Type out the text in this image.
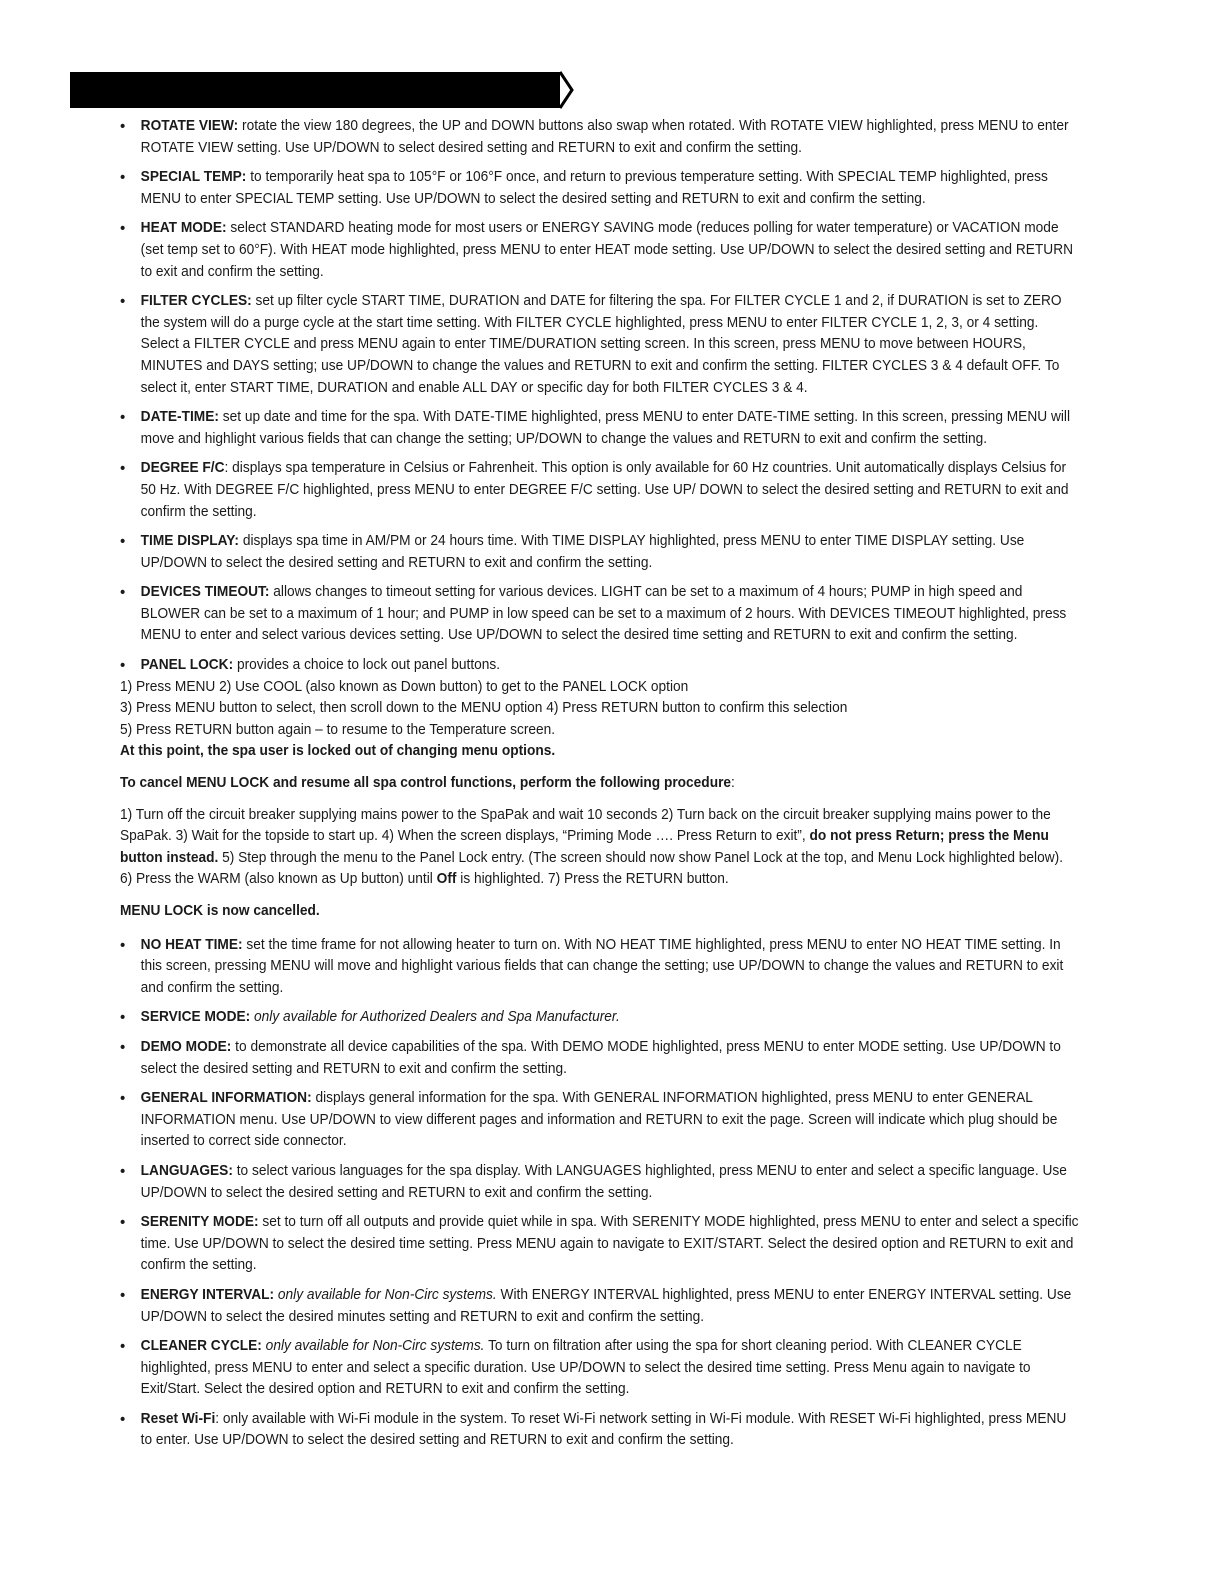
• ROTATE VIEW: rotate the view 180 degrees, the UP and DOWN buttons also swap when rotated. With ROTATE VIEW highlighted, press MENU to enter ROTATE VIEW setting. Use UP/DOWN to select desired setting and RETURN to exit and confirm the setting.
• SPECIAL TEMP: to temporarily heat spa to 105°F or 106°F once, and return to previous temperature setting. With SPECIAL TEMP highlighted, press MENU to enter SPECIAL TEMP setting. Use UP/DOWN to select the desired setting and RETURN to exit and confirm the setting.
• HEAT MODE: select STANDARD heating mode for most users or ENERGY SAVING mode (reduces polling for water temperature) or VACATION mode (set temp set to 60°F). With HEAT mode highlighted, press MENU to enter HEAT mode setting. Use UP/DOWN to select the desired setting and RETURN to exit and confirm the setting.
• FILTER CYCLES: set up filter cycle START TIME, DURATION and DATE for filtering the spa. For FILTER CYCLE 1 and 2, if DURATION is set to ZERO the system will do a purge cycle at the start time setting. With FILTER CYCLE highlighted, press MENU to enter FILTER CYCLE 1, 2, 3, or 4 setting. Select a FILTER CYCLE and press MENU again to enter TIME/DURATION setting screen. In this screen, press MENU to move between HOURS, MINUTES and DAYS setting; use UP/DOWN to change the values and RETURN to exit and confirm the setting. FILTER CYCLES 3 & 4 default OFF. To select it, enter START TIME, DURATION and enable ALL DAY or specific day for both FILTER CYCLES 3 & 4.
• DATE-TIME: set up date and time for the spa. With DATE-TIME highlighted, press MENU to enter DATE-TIME setting. In this screen, pressing MENU will move and highlight various fields that can change the setting; UP/DOWN to change the values and RETURN to exit and confirm the setting.
• DEGREE F/C: displays spa temperature in Celsius or Fahrenheit. This option is only available for 60 Hz countries. Unit automatically displays Celsius for 50 Hz. With DEGREE F/C highlighted, press MENU to enter DEGREE F/C setting. Use UP/ DOWN to select the desired setting and RETURN to exit and confirm the setting.
• TIME DISPLAY: displays spa time in AM/PM or 24 hours time. With TIME DISPLAY highlighted, press MENU to enter TIME DISPLAY setting. Use UP/DOWN to select the desired setting and RETURN to exit and confirm the setting.
• DEVICES TIMEOUT: allows changes to timeout setting for various devices. LIGHT can be set to a maximum of 4 hours; PUMP in high speed and BLOWER can be set to a maximum of 1 hour; and PUMP in low speed can be set to a maximum of 2 hours. With DEVICES TIMEOUT highlighted, press MENU to enter and select various devices setting. Use UP/DOWN to select the desired time setting and RETURN to exit and confirm the setting.
• PANEL LOCK: provides a choice to lock out panel buttons.
1) Press MENU 2) Use COOL (also known as Down button) to get to the PANEL LOCK option
3) Press MENU button to select, then scroll down to the MENU option 4) Press RETURN button to confirm this selection
5) Press RETURN button again – to resume to the Temperature screen.
At this point, the spa user is locked out of changing menu options.
To cancel MENU LOCK and resume all spa control functions, perform the following procedure:
1) Turn off the circuit breaker supplying mains power to the SpaPak and wait 10 seconds 2) Turn back on the circuit breaker supplying mains power to the SpaPak. 3) Wait for the topside to start up. 4) When the screen displays, “Priming Mode …. Press Return to exit”, do not press Return; press the Menu button instead. 5) Step through the menu to the Panel Lock entry. (The screen should now show Panel Lock at the top, and Menu Lock highlighted below). 6) Press the WARM (also known as Up button) until Off is highlighted. 7) Press the RETURN button.
MENU LOCK is now cancelled.
• NO HEAT TIME: set the time frame for not allowing heater to turn on. With NO HEAT TIME highlighted, press MENU to enter NO HEAT TIME setting. In this screen, pressing MENU will move and highlight various fields that can change the setting; use UP/DOWN to change the values and RETURN to exit and confirm the setting.
• SERVICE MODE: only available for Authorized Dealers and Spa Manufacturer.
• DEMO MODE: to demonstrate all device capabilities of the spa. With DEMO MODE highlighted, press MENU to enter MODE setting. Use UP/DOWN to select the desired setting and RETURN to exit and confirm the setting.
• GENERAL INFORMATION: displays general information for the spa. With GENERAL INFORMATION highlighted, press MENU to enter GENERAL INFORMATION menu. Use UP/DOWN to view different pages and information and RETURN to exit the page. Screen will indicate which plug should be inserted to correct side connector.
• LANGUAGES: to select various languages for the spa display. With LANGUAGES highlighted, press MENU to enter and select a specific language. Use UP/DOWN to select the desired setting and RETURN to exit and confirm the setting.
• SERENITY MODE: set to turn off all outputs and provide quiet while in spa. With SERENITY MODE highlighted, press MENU to enter and select a specific time. Use UP/DOWN to select the desired time setting. Press MENU again to navigate to EXIT/START. Select the desired option and RETURN to exit and confirm the setting.
• ENERGY INTERVAL: only available for Non-Circ systems. With ENERGY INTERVAL highlighted, press MENU to enter ENERGY INTERVAL setting. Use UP/DOWN to select the desired minutes setting and RETURN to exit and confirm the setting.
• CLEANER CYCLE: only available for Non-Circ systems. To turn on filtration after using the spa for short cleaning period. With CLEANER CYCLE highlighted, press MENU to enter and select a specific duration. Use UP/DOWN to select the desired time setting. Press Menu again to navigate to Exit/Start. Select the desired option and RETURN to exit and confirm the setting.
• Reset Wi-Fi: only available with Wi-Fi module in the system. To reset Wi-Fi network setting in Wi-Fi module. With RESET Wi-Fi highlighted, press MENU to enter. Use UP/DOWN to select the desired setting and RETURN to exit and confirm the setting.
